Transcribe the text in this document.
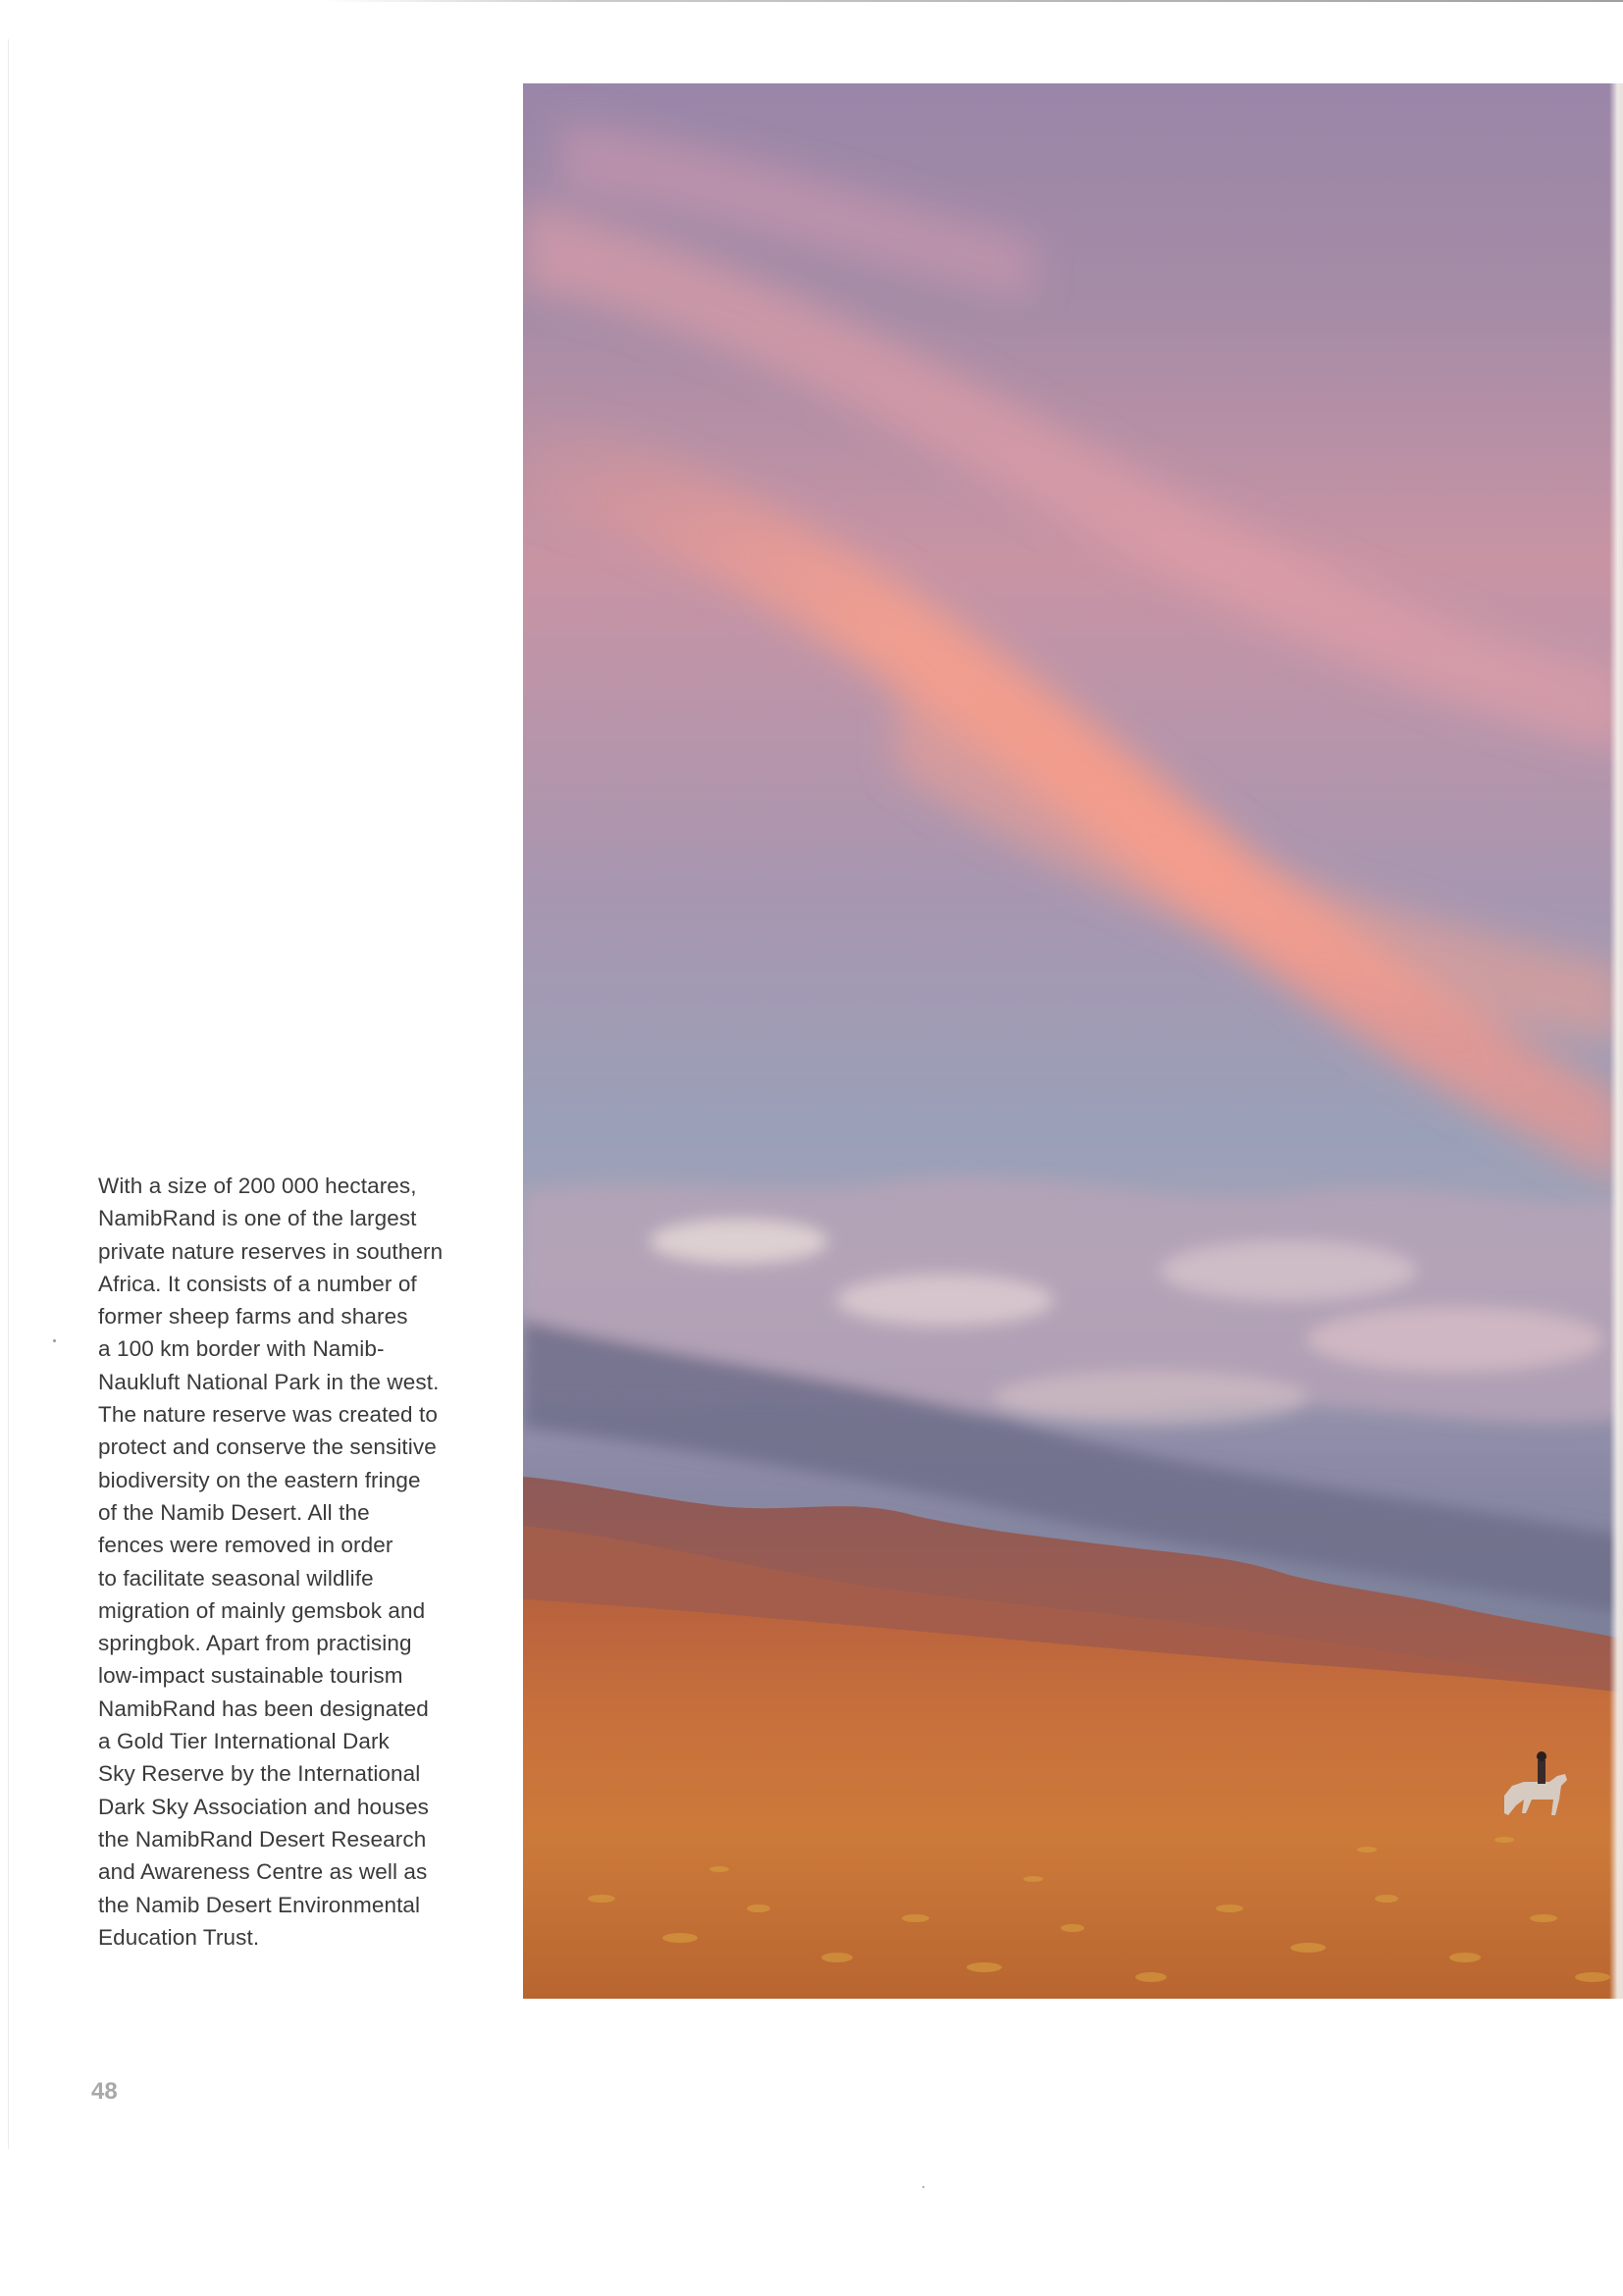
With a size of 200 000 hectares,
NamibRand is one of the largest
private nature reserves in southern
Africa. It consists of a number of
former sheep farms and shares
a 100 km border with Namib-
Naukluft National Park in the west.
The nature reserve was created to
protect and conserve the sensitive
biodiversity on the eastern fringe
of the Namib Desert. All the
fences were removed in order
to facilitate seasonal wildlife
migration of mainly gemsbok and
springbok. Apart from practising
low-impact sustainable tourism
NamibRand has been designated
a Gold Tier International Dark
Sky Reserve by the International
Dark Sky Association and houses
the NamibRand Desert Research
and Awareness Centre as well as
the Namib Desert Environmental
Education Trust.

48
